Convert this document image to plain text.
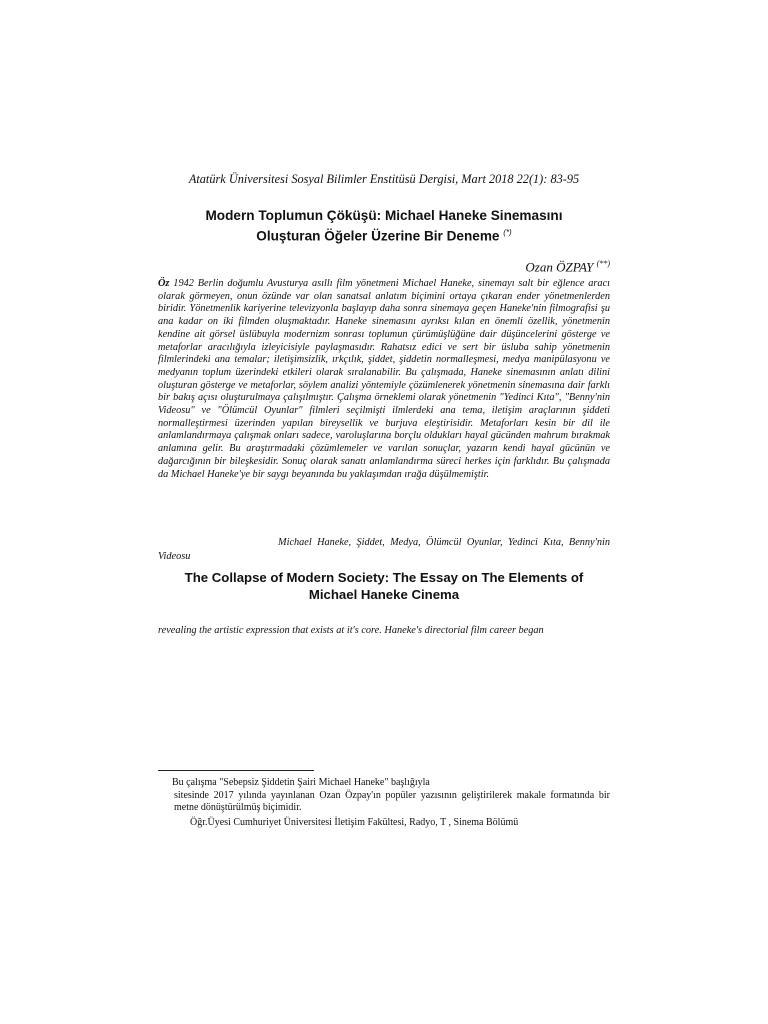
Atatürk Üniversitesi Sosyal Bilimler Enstitüsü Dergisi, Mart 2018 22(1): 83-95
Modern Toplumun Çöküşü: Michael Haneke Sinemasını
Oluşturan Öğeler Üzerine Bir Deneme (*)
Ozan ÖZPAY (**)
Öz 1942 Berlin doğumlu Avusturya asıllı film yönetmeni Michael Haneke, sinemayı salt bir eğlence aracı olarak görmeyen, onun özünde var olan sanatsal anlatım biçimini ortaya çıkaran ender yönetmenlerden biridir. Yönetmenlik kariyerine televizyonla başlayıp daha sonra sinemaya geçen Haneke'nin filmografisi şu ana kadar on iki filmden oluşmaktadır. Haneke sinemasını ayrıksı kılan en önemli özellik, yönetmenin kendine ait görsel üslübuyla modernizm sonrası toplumun çürümüşlüğüne dair düşüncelerini gösterge ve metaforlar aracılığıyla izleyicisiyle paylaşmasıdır. Rahatsız edici ve sert bir üsluba sahip yönetmenin filmlerindeki ana temalar; iletişimsizlik, ırkçılık, şiddet, şiddetin normalleşmesi, medya manipülasyonu ve medyanın toplum üzerindeki etkileri olarak sıralanabilir. Bu çalışmada, Haneke sinemasının anlatı dilini oluşturan gösterge ve metaforlar, söylem analizi yöntemiyle çözümlenerek yönetmenin sinemasına dair farklı bir bakış açısı oluşturulmaya çalışılmıştır. Çalışma örneklemi olarak yönetmenin "Yedinci Kıta", "Benny'nin Videosu" ve "Ölümcül Oyunlar" filmleri seçilmişti ilmlerdeki ana tema, iletişim araçlarının şiddeti normalleştirmesi üzerinden yapılan bireysellik ve burjuva eleştirisidir. Metaforları kesin bir dil ile anlamlandırmaya çalışmak onları sadece, varoluşlarına borçlu oldukları hayal gücünden mahrum bırakmak anlamına gelir. Bu araştırmadaki çözümlemeler ve varılan sonuçlar, yazarın kendi hayal gücünün ve dağarcığının bir bileşkesidir. Sonuç olarak sanatı anlamlandırma süreci herkes için farklıdır. Bu çalışmada da Michael Haneke'ye bir saygı beyanında bu yaklaşımdan ırağa düşülmemiştir.
Michael Haneke, Şiddet, Medya, Ölümcül Oyunlar, Yedinci Kıta, Benny'nin Videosu
The Collapse of Modern Society: The Essay on The Elements of
Michael Haneke Cinema
revealing the artistic expression that exists at it's core. Haneke's directorial film career began
Bu çalışma "Sebepsiz Şiddetin Şairi Michael Haneke" başlığıyla
sitesinde 2017 yılında yayınlanan Ozan Özpay'ın popüler yazısının geliştirilerek makale formatında bir metne dönüştürülmüş biçimidir.
Öğr.Üyesi Cumhuriyet Üniversitesi İletişim Fakültesi, Radyo, T , Sinema Bölümü
